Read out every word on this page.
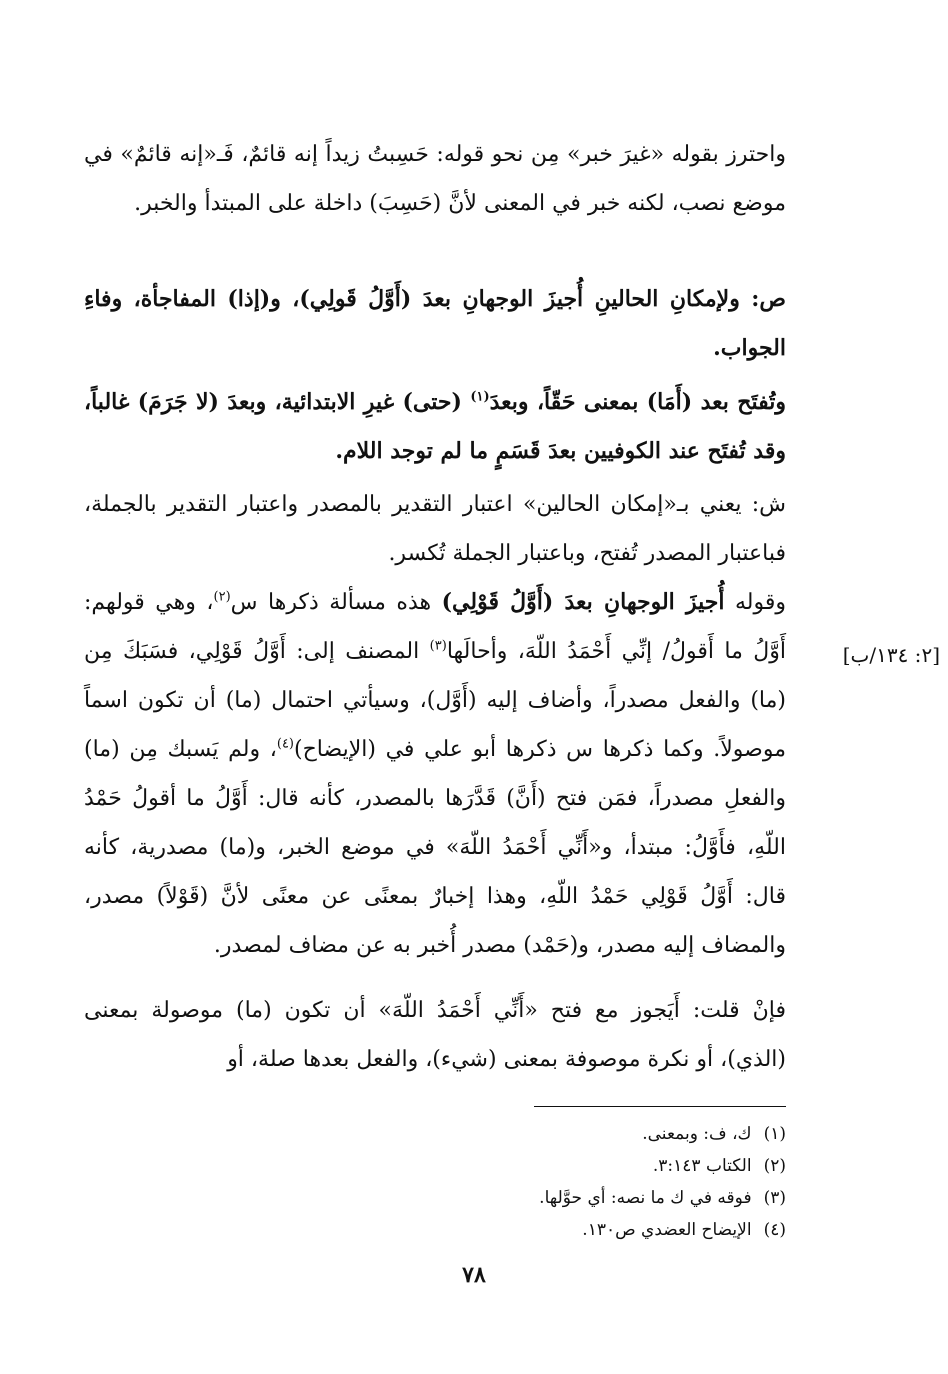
واحترز بقوله «غيرَ خبر» مِن نحو قوله: حَسِبتُ زيداً إنه قائمٌ، فَـ«إنه قائمٌ» في موضع نصب، لكنه خبر في المعنى لأنَّ (حَسِبَ) داخلة على المبتدأ والخبر.

ص: ولإمكانِ الحالينِ أُجيزَ الوجهانِ بعدَ (أَوَّلُ قَولِي)، و(إذا) المفاجأة، وفاءِ الجواب.

وتُفتَح بعد (أَمَا) بمعنى حَقّاً، وبعدَ$^{(١)}$ (حتى) غيرِ الابتدائية، وبعدَ (لا جَرَمَ) غالباً، وقد تُفتَح عند الكوفيين بعدَ قَسَمٍ ما لم توجد اللام.

ش: يعني بـ«إمكان الحالين» اعتبار التقدير بالمصدر واعتبار التقدير بالجملة، فباعتبار المصدر تُفتح، وباعتبار الجملة تُكسر.

وقوله أُجيزَ الوجهانِ بعدَ (أَوَّلُ قَوْلِي) هذه مسألة ذكرها س$^{(٢)}$، وهي قولهم: أَوَّلُ ما أَقولُ/ إنِّي أَحْمَدُ اللّهَ، وأحالَها$^{(٣)}$ المصنف إلى: أَوَّلُ قَوْلِي، فسَبَكَ مِن (ما) والفعل مصدراً، وأضاف إليه (أَوَّل)، وسيأتي احتمال (ما) أن تكون اسماً موصولاً. وكما ذكرها س ذكرها أبو علي في (الإيضاح)$^{(٤)}$، ولم يَسبك مِن (ما) والفعلِ مصدراً، فمَن فتح (أَنَّ) قَدَّرَها بالمصدر، كأنه قال: أَوَّلُ ما أقولُ حَمْدُ اللّهِ، فأَوَّلُ: مبتدأ، و«أَنِّي أَحْمَدُ اللّهَ» في موضع الخبر، و(ما) مصدرية، كأنه قال: أَوَّلُ قَوْلِي حَمْدُ اللّهِ، وهذا إخبارٌ بمعنًى عن معنًى لأنَّ (قَوْلاً) مصدر، والمضاف إليه مصدر، و(حَمْد) مصدر أُخبر به عن مضاف لمصدر.

فإنْ قلت: أَيَجوز مع فتح «أَنِّي أَحْمَدُ اللّهَ» أن تكون (ما) موصولة بمعنى (الذي)، أو نكرة موصوفة بمعنى (شيء)، والفعل بعدها صلة، أو

[٢: ١٣٤/ب]

(١)ك، ف: وبمعنى.

(٢)الكتاب ٣:١٤٣.

(٣)فوقه في ك ما نصه: أي حوَّلها.

(٤)الإيضاح العضدي ص١٣٠.

٧٨
